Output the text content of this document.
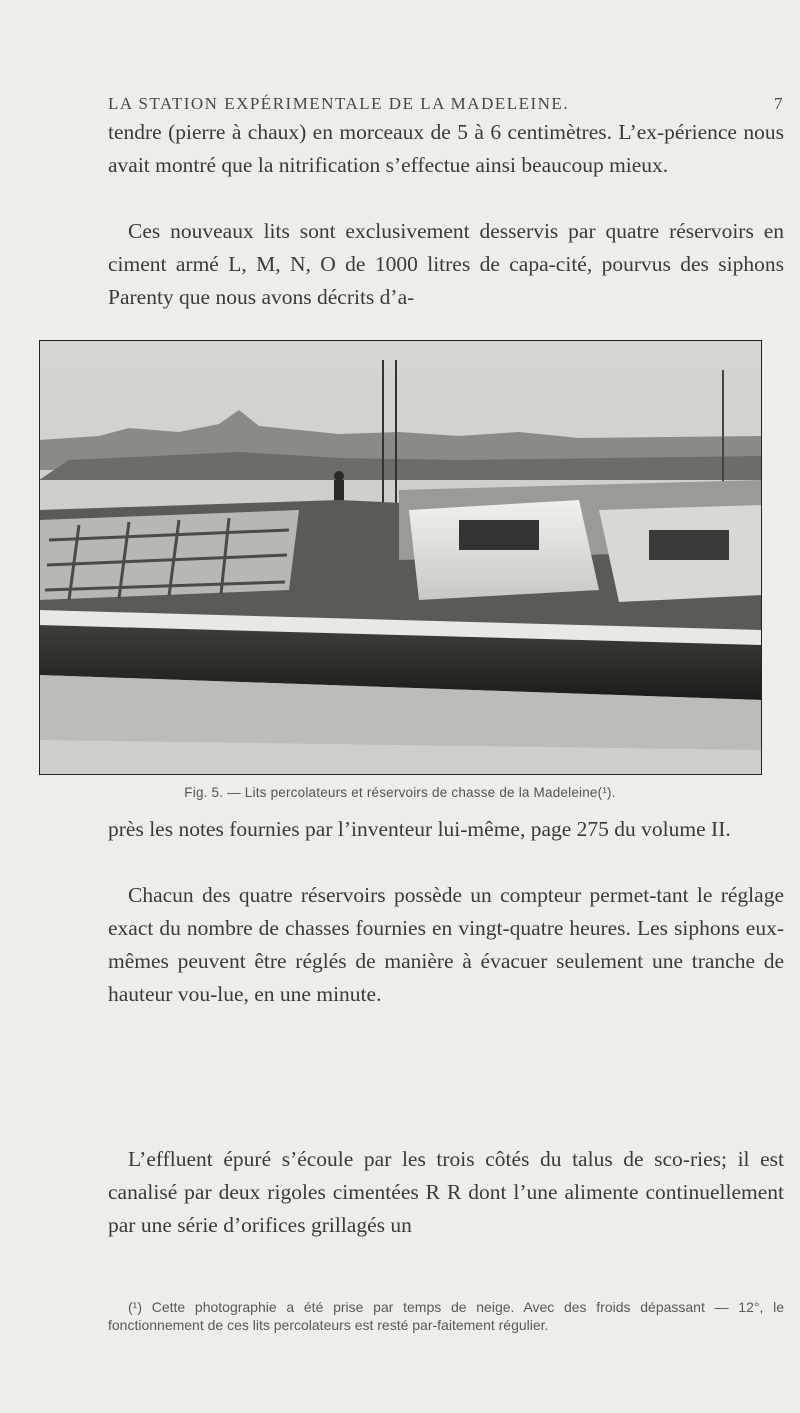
LA STATION EXPÉRIMENTALE DE LA MADELEINE.	7
tendre (pierre à chaux) en morceaux de 5 à 6 centimètres. L’ex-périence nous avait montré que la nitrification s’effectue ainsi beaucoup mieux.
Ces nouveaux lits sont exclusivement desservis par quatre réservoirs en ciment armé L, M, N, O de 1000 litres de capa-cité, pourvus des siphons Parenty que nous avons décrits d’a-
Fig. 5. — Lits percolateurs et réservoirs de chasse de la Madeleine(¹).
près les notes fournies par l’inventeur lui-même, page 275 du volume II.
Chacun des quatre réservoirs possède un compteur permet-tant le réglage exact du nombre de chasses fournies en vingt-quatre heures. Les siphons eux-mêmes peuvent être réglés de manière à évacuer seulement une tranche de hauteur vou-lue, en une minute.
L’effluent épuré s’écoule par les trois côtés du talus de sco-ries; il est canalisé par deux rigoles cimentées R R dont l’une alimente continuellement par une série d’orifices grillagés un
(¹) Cette photographie a été prise par temps de neige. Avec des froids dépassant — 12°, le fonctionnement de ces lits percolateurs est resté par-faitement régulier.
